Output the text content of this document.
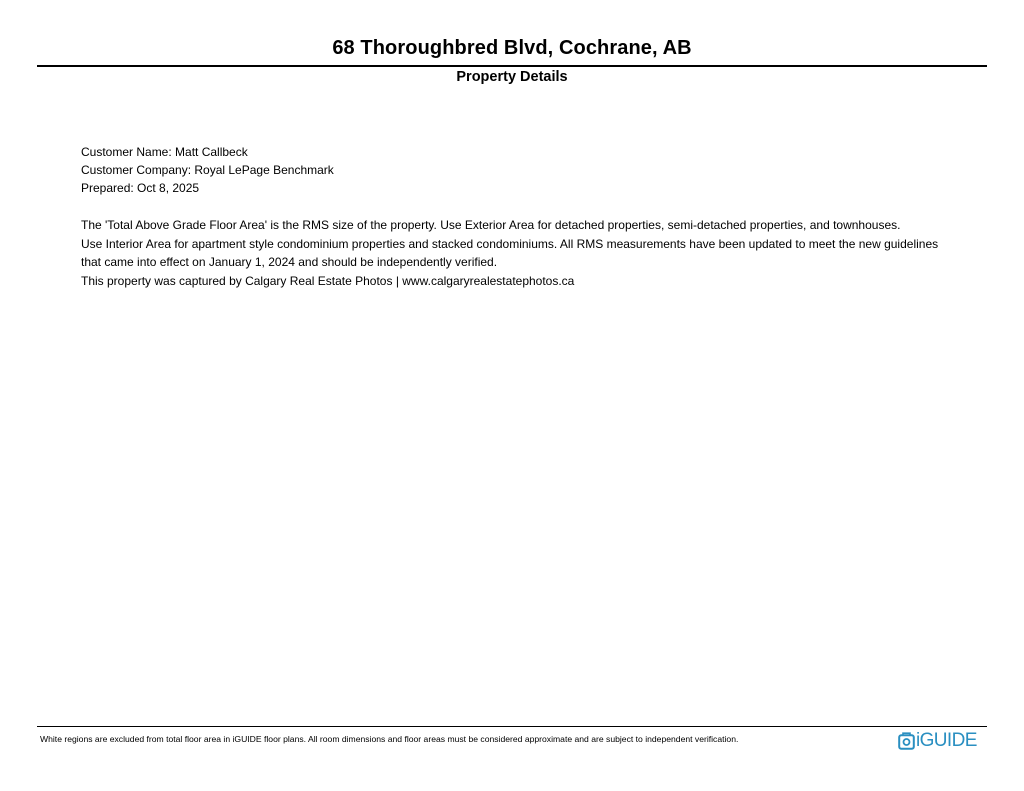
68 Thoroughbred Blvd, Cochrane, AB
Property Details
Customer Name: Matt Callbeck
Customer Company: Royal LePage Benchmark
Prepared: Oct 8, 2025
The 'Total Above Grade Floor Area' is the RMS size of the property. Use Exterior Area for detached properties, semi-detached properties, and townhouses.
Use Interior Area for apartment style condominium properties and stacked condominiums. All RMS measurements have been updated to meet the new guidelines
that came into effect on January 1, 2024 and should be independently verified.
This property was captured by Calgary Real Estate Photos | www.calgaryrealestatephotos.ca
White regions are excluded from total floor area in iGUIDE floor plans. All room dimensions and floor areas must be considered approximate and are subject to independent verification.	iGUIDE
